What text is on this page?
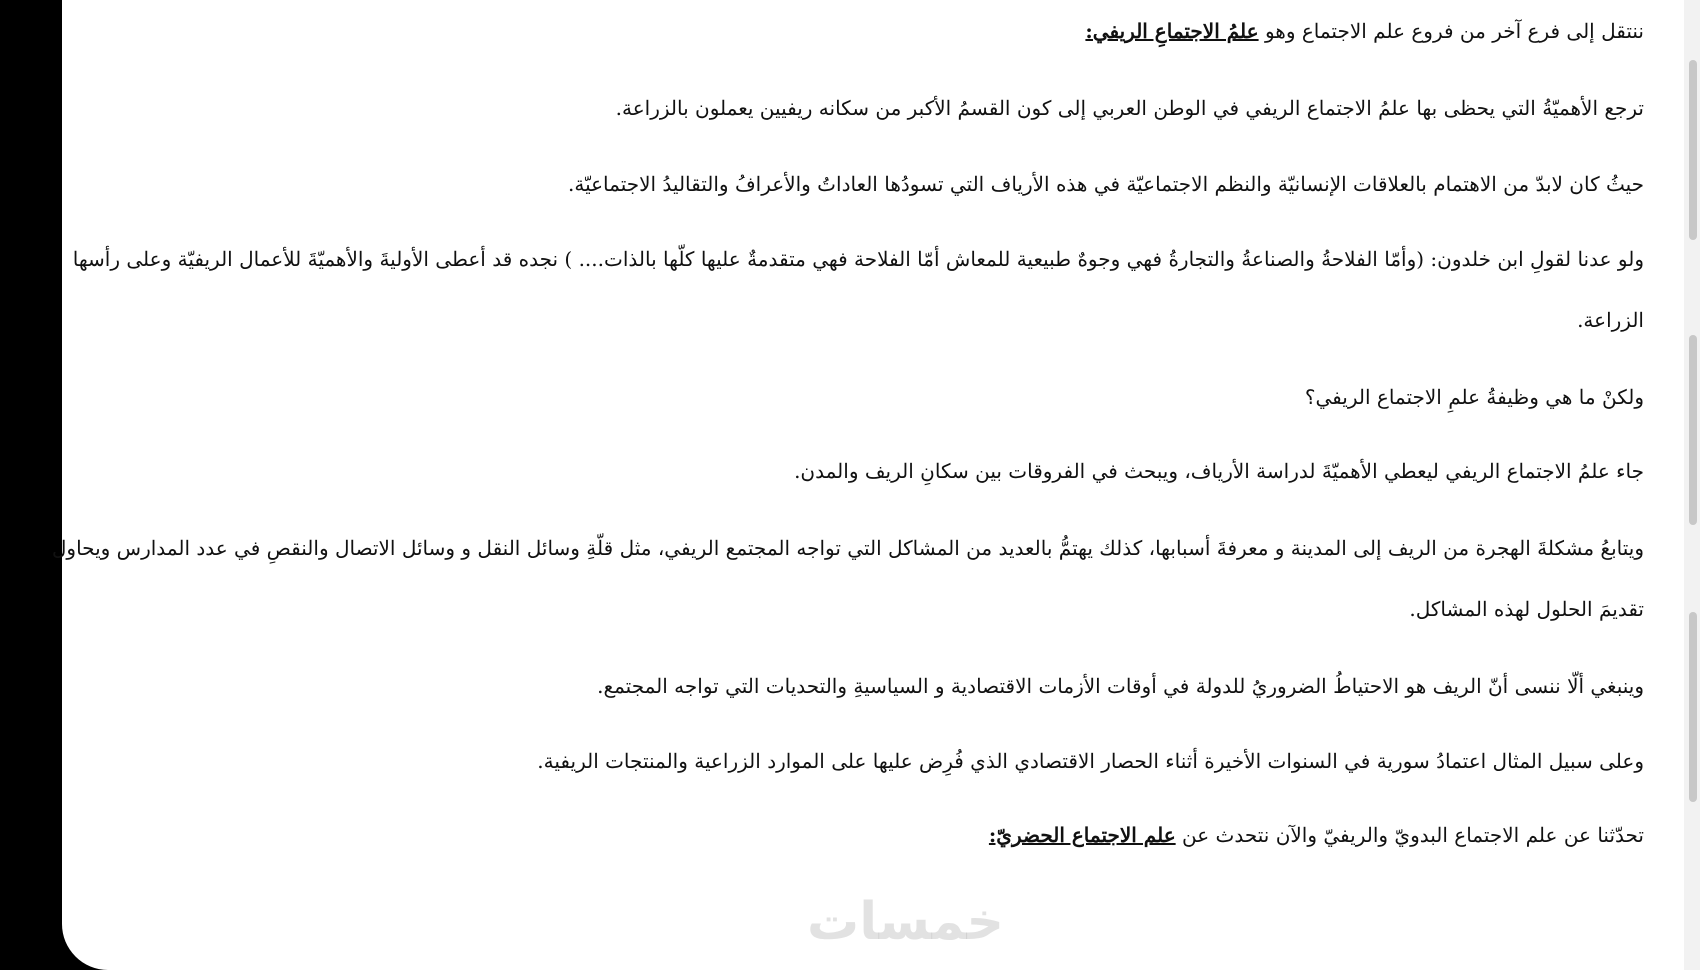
ننتقل إلى فرع آخر من فروع علم الاجتماع وهو علمُ الاجتماعِ الريفي:
ترجع الأهميّةُ التي يحظى بها علمُ الاجتماع الريفي في الوطن العربي إلى كون القسمُ الأكبر من سكانه ريفيين يعملون بالزراعة.
حيثُ كان لابدّ من الاهتمام بالعلاقات الإنسانيّة والنظم الاجتماعيّة في هذه الأرياف التي تسودُها العاداتُ والأعرافُ والتقاليدُ الاجتماعيّة.
ولو عدنا لقولِ ابن خلدون: (وأمّا الفلاحةُ والصناعةُ والتجارةُ فهي وجوهٌ طبيعية للمعاش أمّا الفلاحة فهي متقدمةٌ عليها كلّها بالذات.... ) نجده قد أعطى الأوليةَ والأهميّةَ للأعمال الريفيّة وعلى رأسها
الزراعة.
ولكنْ ما هي وظيفةُ علمِ الاجتماع الريفي؟
جاء علمُ الاجتماع الريفي ليعطي الأهميّةَ لدراسة الأرياف، ويبحث في الفروقات بين سكانِ الريف والمدن.
ويتابعُ مشكلةَ الهجرة من الريف إلى المدينة و معرفةَ أسبابها، كذلك يهتمُّ بالعديد من المشاكل التي تواجه المجتمع الريفي، مثل قلّةِ وسائل النقل و وسائل الاتصال والنقصِ في عدد المدارس ويحاول
تقديمَ الحلول لهذه المشاكل.
وينبغي ألّا ننسى أنّ الريف هو الاحتياطُ الضروريُ للدولة في أوقات الأزمات الاقتصادية و السياسيةِ والتحديات التي تواجه المجتمع.
وعلى سبيل المثال اعتمادُ سورية في السنوات الأخيرة أثناء الحصار الاقتصادي الذي فُرِض عليها على الموارد الزراعية والمنتجات الريفية.
تحدّثنا عن علم الاجتماع البدويّ والريفيّ والآن نتحدث عن علم الاجتماع الحضريّ:
خمسات
